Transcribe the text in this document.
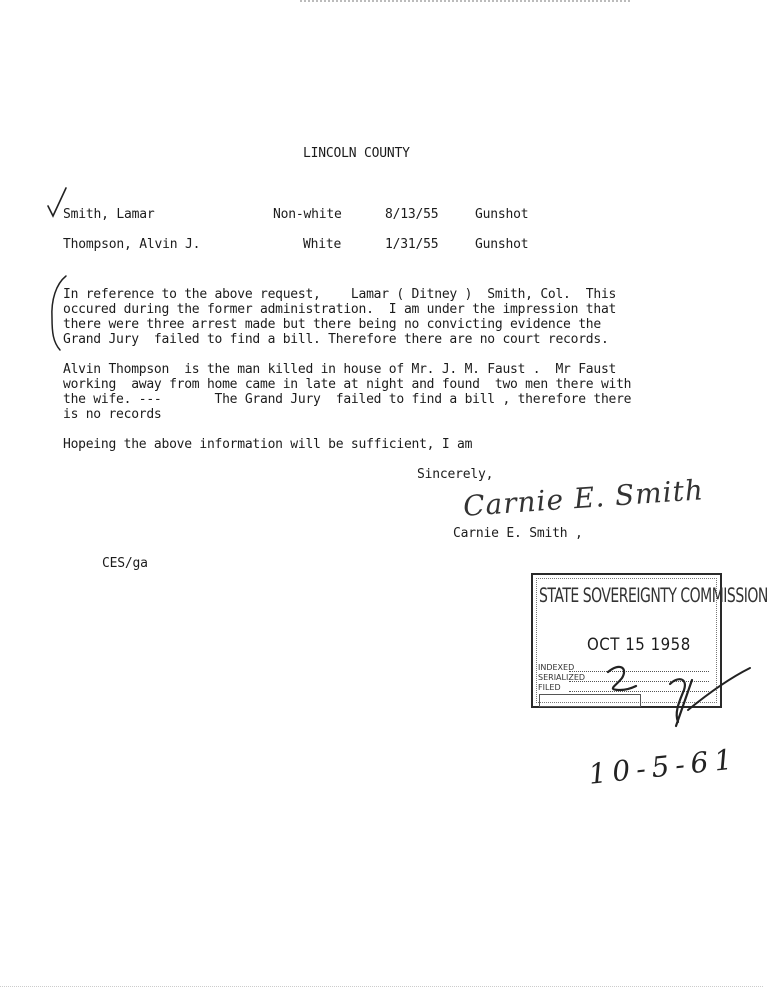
LINCOLN COUNTY
Smith, Lamar	Non-white	8/13/55	Gunshot
Thompson, Alvin J.	White	1/31/55	Gunshot
In reference to the above request,    Lamar ( Ditney )  Smith, Col.  This
occured during the former administration.  I am under the impression that
there were three arrest made but there being no convicting evidence the
Grand Jury  failed to find a bill. Therefore there are no court records.
Alvin Thompson  is the man killed in house of Mr. J. M. Faust .  Mr Faust
working  away from home came in late at night and found  two men there with
the wife. ---       The Grand Jury  failed to find a bill , therefore there
is no records
Hopeing the above information will be sufficient, I am
Sincerely,
Carnie E. Smith
Carnie E. Smith ,
CES/ga
STATE SOVEREIGNTY COMMISSION
OCT 15 1958
INDEXED
SERIALIZED
FILED
10-5-61
